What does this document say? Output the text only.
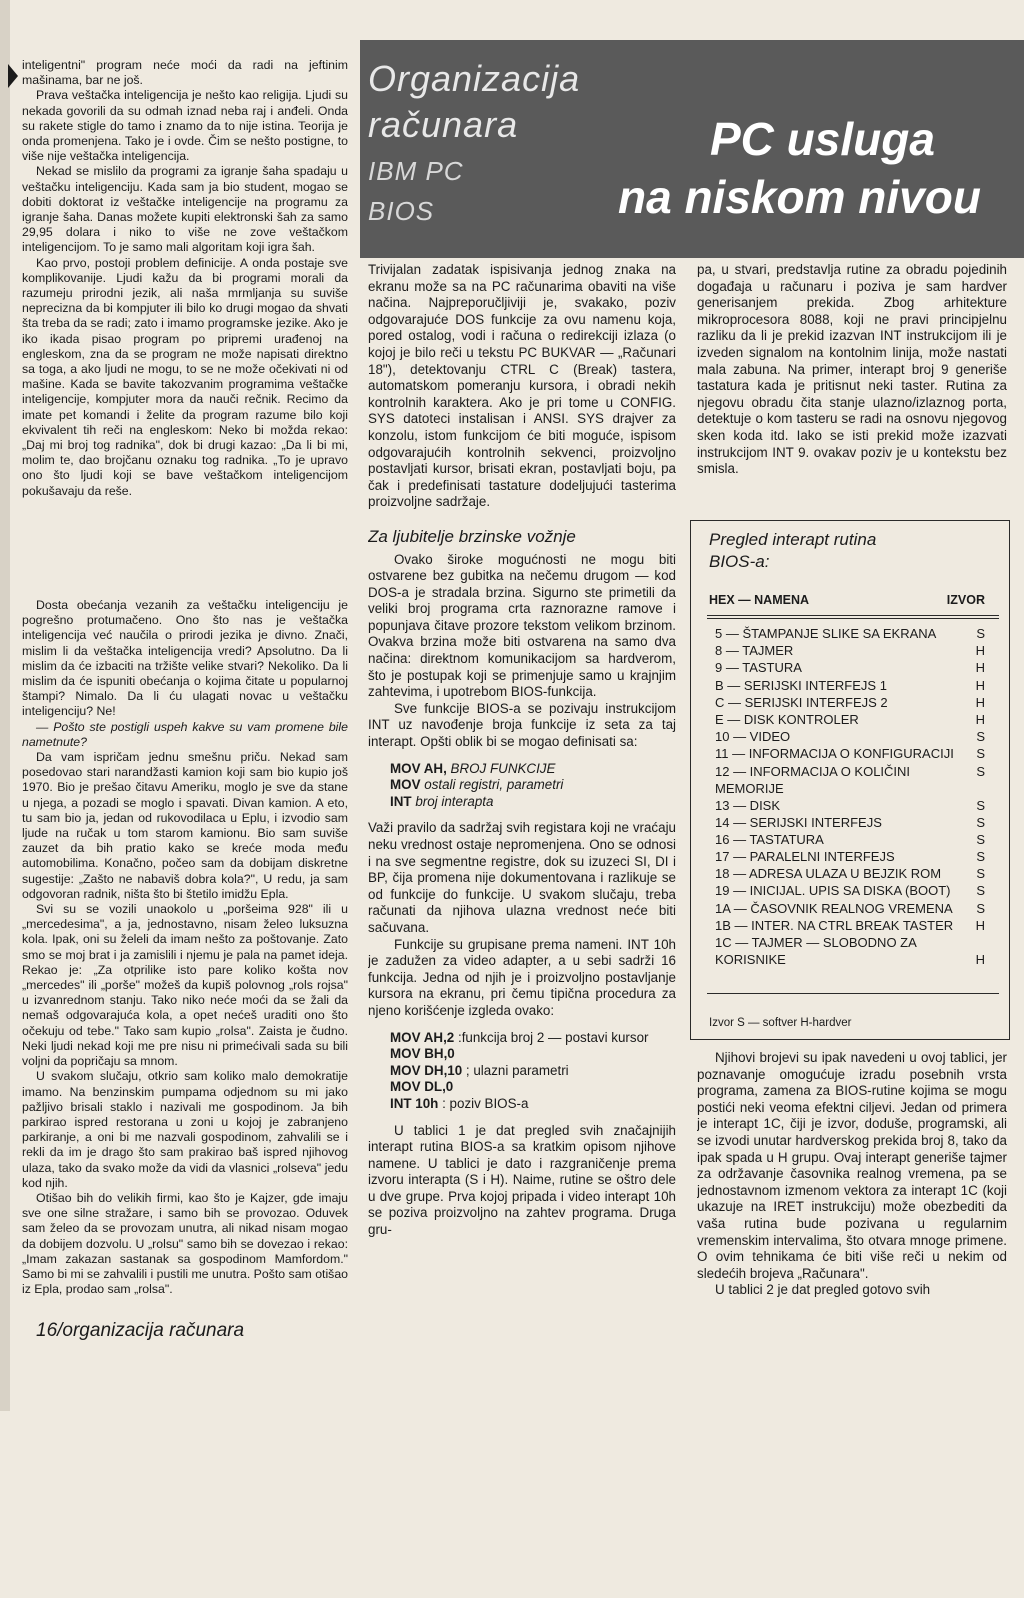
inteligentni" program neće moći da radi na jeftinim mašinama, bar ne još.

Prava veštačka inteligencija je nešto kao religija. Ljudi su nekada govorili da su odmah iznad neba raj i anđeli. Onda su rakete stigle do tamo i znamo da to nije istina. Teorija je onda promenjena. Tako je i ovde. Čim se nešto postigne, to više nije veštačka inteligencija.

Nekad se mislilo da programi za igranje šaha spadaju u veštačku inteligenciju. Kada sam ja bio student, mogao se dobiti doktorat iz veštačke inteligencije na programu za igranje šaha. Danas možete kupiti elektronski šah za samo 29,95 dolara i niko to više ne zove veštačkom inteligencijom. To je samo mali algoritam koji igra šah.

Kao prvo, postoji problem definicije. A onda postaje sve komplikovanije. Ljudi kažu da bi programi morali da razumeju prirodni jezik, ali naša mrmljanja su suviše neprecizna da bi kompjuter ili bilo ko drugi mogao da shvati šta treba da se radi; zato i imamo programske jezike. Ako je iko ikada pisao program po pripremi urađenoj na engleskom, zna da se program ne može napisati direktno sa toga, a ako ljudi ne mogu, to se ne može očekivati ni od mašine. Kada se bavite takozvanim programima veštačke inteligencije, kompjuter mora da nauči rečnik. Recimo da imate pet komandi i želite da program razume bilo koji ekvivalent tih reči na engleskom: Neko bi možda rekao: „Daj mi broj tog radnika", dok bi drugi kazao: „Da li bi mi, molim te, dao brojčanu oznaku tog radnika. „To je upravo ono što ljudi koji se bave veštačkom inteligencijom pokušavaju da reše.

Dosta obećanja vezanih za veštačku inteligenciju je pogrešno protumačeno. Ono što nas je veštačka inteligencija već naučila o prirodi jezika je divno. Znači, mislim li da veštačka inteligencija vredi? Apsolutno. Da li mislim da će izbaciti na tržište velike stvari? Nekoliko. Da li mislim da će ispuniti obećanja o kojima čitate u popularnoj štampi? Nimalo. Da li ću ulagati novac u veštačku inteligenciju? Ne!

— Pošto ste postigli uspeh kakve su vam promene bile nametnute?

Da vam ispričam jednu smešnu priču. Nekad sam posedovao stari narandžasti kamion koji sam bio kupio još 1970. Bio je prešao čitavu Ameriku, moglo je sve da stane u njega, a pozadi se moglo i spavati. Divan kamion. A eto, tu sam bio ja, jedan od rukovodilaca u Eplu, i izvodio sam ljude na ručak u tom starom kamionu. Bio sam suviše zauzet da bih pratio kako se kreće moda među automobilima. Konačno, počeo sam da dobijam diskretne sugestije: „Zašto ne nabaviš dobra kola?", U redu, ja sam odgovoran radnik, ništa što bi štetilo imidžu Epla.

Svi su se vozili unaokolo u „poršeima 928" ili u „mercedesima", a ja, jednostavno, nisam želeo luksuzna kola. Ipak, oni su želeli da imam nešto za poštovanje. Zato smo se moj brat i ja zamislili i njemu je pala na pamet ideja. Rekao je: „Za otprilike isto pare koliko košta nov „mercedes" ili „porše" možeš da kupiš polovnog „rols rojsa" u izvanrednom stanju. Tako niko neće moći da se žali da nemaš odgovarajuća kola, a opet nećeš uraditi ono što očekuju od tebe." Tako sam kupio „rolsa". Zaista je čudno. Neki ljudi nekad koji me pre nisu ni primećivali sada su bili voljni da popričaju sa mnom.

U svakom slučaju, otkrio sam koliko malo demokratije imamo. Na benzinskim pumpama odjednom su mi jako pažljivo brisali staklo i nazivali me gospodinom. Ja bih parkirao ispred restorana u zoni u kojoj je zabranjeno parkiranje, a oni bi me nazvali gospodinom, zahvalili se i rekli da im je drago što sam prakirao baš ispred njihovog ulaza, tako da svako može da vidi da vlasnici „rolseva" jedu kod njih.

Otišao bih do velikih firmi, kao što je Kajzer, gde imaju sve one silne stražare, i samo bih se provozao. Oduvek sam želeo da se provozam unutra, ali nikad nisam mogao da dobijem dozvolu. U „rolsu" samo bih se dovezao i rekao: „Imam zakazan sastanak sa gospodinom Mamfordom." Samo bi mi se zahvalili i pustili me unutra. Pošto sam otišao iz Epla, prodao sam „rolsa".

16/organizacija računara
Organizacija
računara
IBM PC
BIOS
PC usluga
na niskom nivou

Trivijalan zadatak ispisivanja jednog znaka na ekranu može sa na PC računarima obaviti na više načina. Najpreporučljiviji je, svakako, poziv odgovarajuće DOS funkcije za ovu namenu koja, pored ostalog, vodi i računa o redirekciji izlaza (o kojoj je bilo reči u tekstu PC BUKVAR — „Računari 18"), detektovanju CTRL C (Break) tastera, automatskom pomeranju kursora, i obradi nekih kontrolnih karaktera. Ako je pri tome u CONFIG. SYS datoteci instalisan i ANSI. SYS drajver za konzolu, istom funkcijom će biti moguće, ispisom odgovarajućih kontrolnih sekvenci, proizvoljno postavljati kursor, brisati ekran, postavljati boju, pa čak i predefinisati tastature dodeljujući tasterima proizvoljne sadržaje.

Za ljubitelje brzinske vožnje

Ovako široke mogućnosti ne mogu biti ostvarene bez gubitka na nečemu drugom — kod DOS-a je stradala brzina. Sigurno ste primetili da veliki broj programa crta raznorazne ramove i popunjava čitave prozore tekstom velikom brzinom. Ovakva brzina može biti ostvarena na samo dva načina: direktnom komunikacijom sa hardverom, što je postupak koji se primenjuje samo u krajnjim zahtevima, i upotrebom BIOS-funkcija.

Sve funkcije BIOS-a se pozivaju instrukcijom INT uz navođenje broja funkcije iz seta za taj interapt. Opšti oblik bi se mogao definisati sa:

MOV AH, BROJ FUNKCIJE
MOV ostali registri, parametri
INT broj interapta

Važi pravilo da sadržaj svih registara koji ne vraćaju neku vrednost ostaje nepromenjena. Ono se odnosi i na sve segmentne registre, dok su izuzeci SI, DI i BP, čija promena nije dokumentovana i razlikuje se od funkcije do funkcije. U svakom slučaju, treba računati da njihova ulazna vrednost neće biti sačuvana.

Funkcije su grupisane prema nameni. INT 10h je zadužen za video adapter, a u sebi sadrži 16 funkcija. Jedna od njih je i proizvoljno postavljanje kursora na ekranu, pri čemu tipična procedura za njeno korišćenje izgleda ovako:

MOV AH,2 :funkcija broj 2 — postavi kursor
MOV BH,0
MOV DH,10 ; ulazni parametri
MOV DL,0
INT 10h : poziv BIOS-a

U tablici 1 je dat pregled svih značajnijih interapt rutina BIOS-a sa kratkim opisom njihove namene. U tablici je dato i razgraničenje prema izvoru interapta (S i H). Naime, rutine se oštro dele u dve grupe. Prva kojoj pripada i video interapt 10h se poziva proizvoljno na zahtev programa. Druga gru-

pa, u stvari, predstavlja rutine za obradu pojedinih događaja u računaru i poziva je sam hardver generisanjem prekida. Zbog arhitekture mikroprocesora 8088, koji ne pravi principjelnu razliku da li je prekid izazvan INT instrukcijom ili je izveden signalom na kontolnim linija, može nastati mala zabuna. Na primer, interapt broj 9 generiše tastatura kada je pritisnut neki taster. Rutina za njegovu obradu čita stanje ulazno/izlaznog porta, detektuje o kom tasteru se radi na osnovu njegovog sken koda itd. Iako se isti prekid može izazvati instrukcijom INT 9. ovakav poziv je u kontekstu bez smisla.

Pregled interapt rutina
BIOS-a:
HEX — NAMENA	IZVOR
5 — ŠTAMPANJE SLIKE SA EKRANA	S
8 — TAJMER	H
9 — TASTURA	H
B — SERIJSKI INTERFEJS 1	H
C — SERIJSKI INTERFEJS 2	H
E — DISK KONTROLER	H
10 — VIDEO	S
11 — INFORMACIJA O KONFIGURACIJI S
12 — INFORMACIJA O KOLIČINI MEMORIJE
S
13 — DISK	S
14 — SERIJSKI INTERFEJS	S
16 — TASTATURA	S
17 — PARALELNI INTERFEJS	S
18 — ADRESA ULAZA U BEJZIK ROM	S
19 — INICIJAL. UPIS SA DISKA (BOOT) S
1A — ČASOVNIK REALNOG VREMENA S
1B — INTER. NA CTRL BREAK TASTER H
1C — TAJMER — SLOBODNO ZA KORISNIKE	H
Izvor S — softver H-hardver

Njihovi brojevi su ipak navedeni u ovoj tablici, jer poznavanje omogućuje izradu posebnih vrsta programa, zamena za BIOS-rutine kojima se mogu postići neki veoma efektni ciljevi. Jedan od primera je interapt 1C, čiji je izvor, doduše, programski, ali se izvodi unutar hardverskog prekida broj 8, tako da ipak spada u H grupu. Ovaj interapt generiše tajmer za održavanje časovnika realnog vremena, pa se jednostavnom izmenom vektora za interapt 1C (koji ukazuje na IRET instrukciju) može obezbediti da vaša rutina bude pozivana u regularnim vremenskim intervalima, što otvara mnoge primene. O ovim tehnikama će biti više reči u nekim od sledećih brojeva „Računara".

U tablici 2 je dat pregled gotovo svih
